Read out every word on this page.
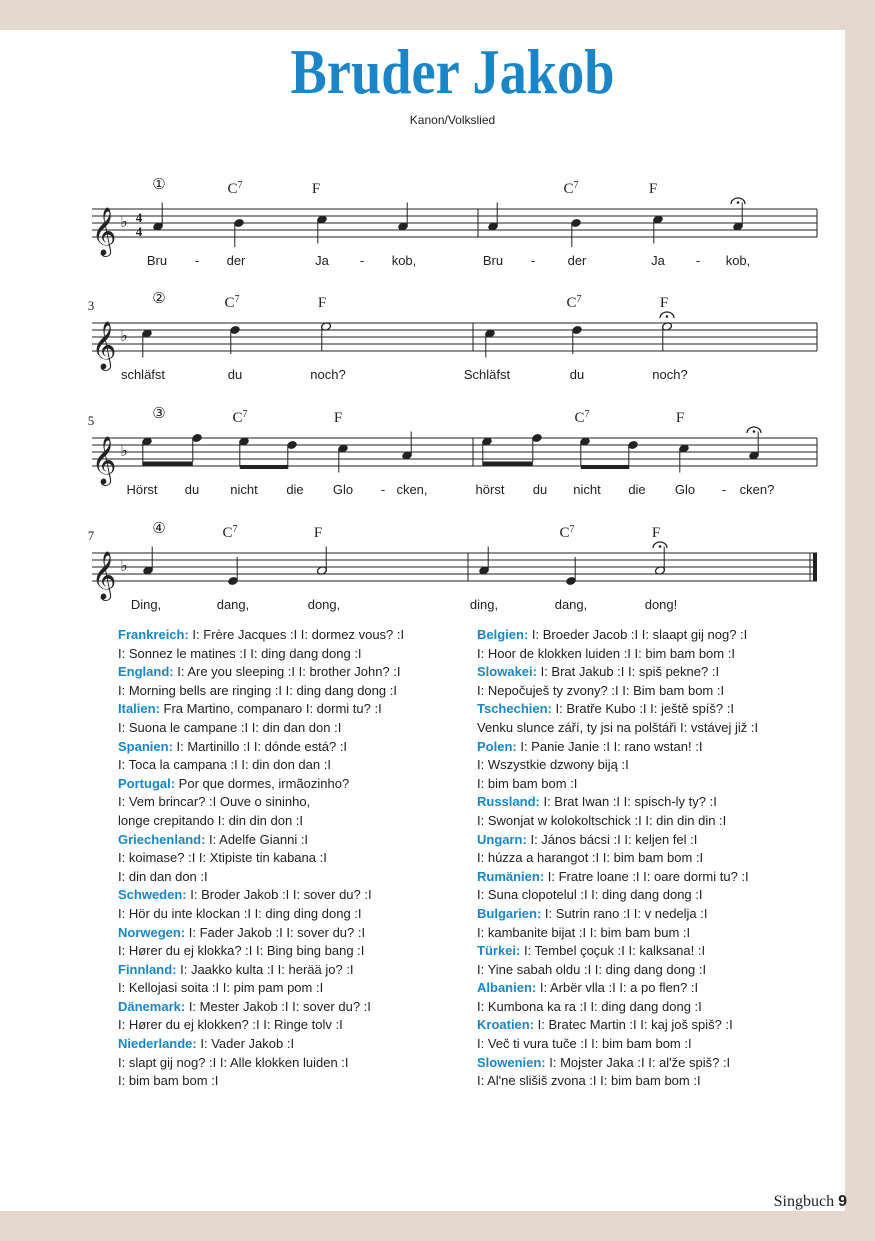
Bruder Jakob
Kanon/Volkslied
♭ 4
4
①	$C^7$	F	$C^7$	F
Bru - der	Ja - kob,	Bru - der	Ja - kob,
𝄞
♭
3	②	$C^7$	F	$C^7$	F
schläfst	du	noch?	Schläfst	du	noch?
𝄞
♭
5	③	$C^7$	F	$C^7$	F
Hörst du nicht die Glo - cken,	hörst du nicht die Glo - cken?
𝄞
♭
7	④	$C^7$	F	$C^7$	F
Ding,	dang,	dong,	ding,	dang,	dong!
𝄞
Frankreich: I: Frère Jacques :I I: dormez vous? :I
I: Sonnez le matines :I I: ding dang dong :I
England: I: Are you sleeping :I I: brother John? :I
I: Morning bells are ringing :I I: ding dang dong :I
Italien: Fra Martino, companaro I: dormi tu? :I
I: Suona le campane :I I: din dan don :I
Spanien: I: Martinillo :I I: dónde está? :I
I: Toca la campana :I I: din don dan :I
Portugal: Por que dormes, irmãozinho?
I: Vem brincar? :I Ouve o sininho,
longe crepitando I: din din don :I
Griechenland: I: Adelfe Gianni :I
I: koimase? :I I: Xtipiste tin kabana :I
I: din dan don :I
Schweden: I: Broder Jakob :I I: sover du? :I
I: Hör du inte klockan :I I: ding ding dong :I
Norwegen: I: Fader Jakob :I I: sover du? :I
I: Hører du ej klokka? :I I: Bing bing bang :I
Finnland: I: Jaakko kulta :I I: herää jo? :I
I: Kellojasi soita :I I: pim pam pom :I
Dänemark: I: Mester Jakob :I I: sover du? :I
I: Hører du ej klokken? :I I: Ringe tolv :I
Niederlande: I: Vader Jakob :I
I: slapt gij nog? :I I: Alle klokken luiden :I
I: bim bam bom :I
Belgien: I: Broeder Jacob :I I: slaapt gij nog? :I
I: Hoor de klokken luiden :I I: bim bam bom :I
Slowakei: I: Brat Jakub :I I: spiš pekne? :I
I: Nepočuješ ty zvony? :I I: Bim bam bom :I
Tschechien: I: Bratře Kubo :I I: ještě spíš? :I
Venku slunce září, ty jsi na polštáři I: vstávej již :I
Polen: I: Panie Janie :I I: rano wstan! :I
I: Wszystkie dzwony biją :I
I: bim bam bom :I
Russland: I: Brat Iwan :I I: spisch-ly ty? :I
I: Swonjat w kolokoltschick :I I: din din din :I
Ungarn: I: János bácsi :I I: keljen fel :I
I: húzza a harangot :I I: bim bam bom :I
Rumänien: I: Fratre loane :I I: oare dormi tu? :I
I: Suna clopotelul :I I: ding dang dong :I
Bulgarien: I: Sutrin rano :I I: v nedelja :I
I: kambanite bijat :I I: bim bam bum :I
Türkei: I: Tembel çoçuk :I I: kalksana! :I
I: Yine sabah oldu :I I: ding dang dong :I
Albanien: I: Arbër vlla :I I: a po flen? :I
I: Kumbona ka ra :I I: ding dang dong :I
Kroatien: I: Bratec Martin :I I: kaj još spiš? :I
I: Več ti vura tuče :I I: bim bam bom :I
Slowenien: I: Mojster Jaka :I I: al'že spiš? :I
I: Al'ne slišiš zvona :I I: bim bam bom :I
Singbuch 9
